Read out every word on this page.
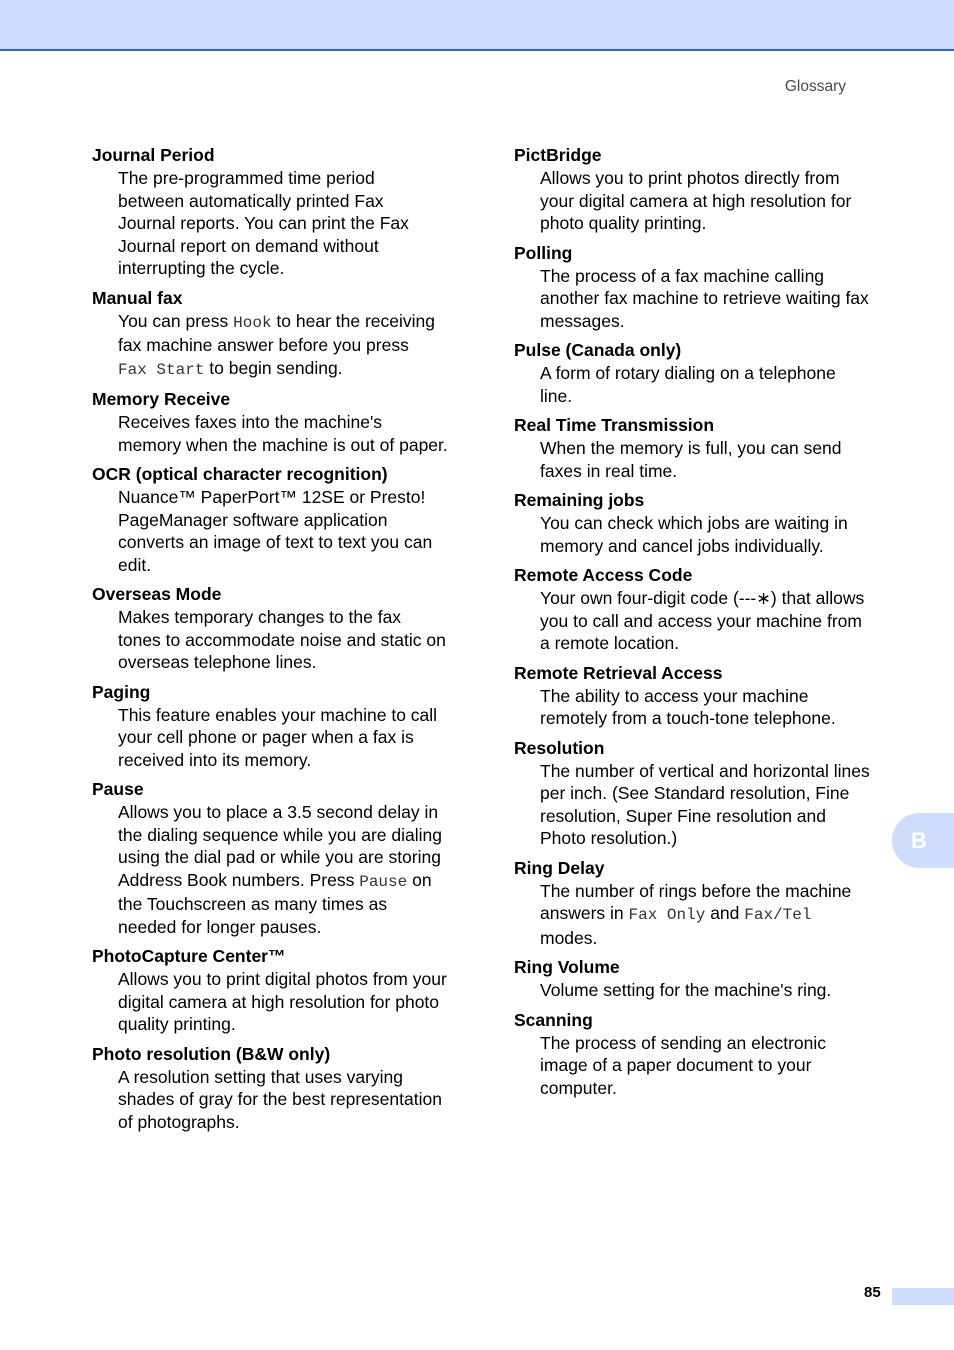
Glossary
Journal Period
The pre-programmed time period
between automatically printed Fax
Journal reports. You can print the Fax
Journal report on demand without
interrupting the cycle.
Manual fax
You can press Hook to hear the receiving
fax machine answer before you press
Fax Start to begin sending.
Memory Receive
Receives faxes into the machine's
memory when the machine is out of paper.
OCR (optical character recognition)
Nuance™ PaperPort™ 12SE or Presto!
PageManager software application
converts an image of text to text you can
edit.
Overseas Mode
Makes temporary changes to the fax
tones to accommodate noise and static on
overseas telephone lines.
Paging
This feature enables your machine to call
your cell phone or pager when a fax is
received into its memory.
Pause
Allows you to place a 3.5 second delay in
the dialing sequence while you are dialing
using the dial pad or while you are storing
Address Book numbers. Press Pause on
the Touchscreen as many times as
needed for longer pauses.
PhotoCapture Center™
Allows you to print digital photos from your
digital camera at high resolution for photo
quality printing.
Photo resolution (B&W only)
A resolution setting that uses varying
shades of gray for the best representation
of photographs.
PictBridge
Allows you to print photos directly from
your digital camera at high resolution for
photo quality printing.
Polling
The process of a fax machine calling
another fax machine to retrieve waiting fax
messages.
Pulse (Canada only)
A form of rotary dialing on a telephone
line.
Real Time Transmission
When the memory is full, you can send
faxes in real time.
Remaining jobs
You can check which jobs are waiting in
memory and cancel jobs individually.
Remote Access Code
Your own four-digit code (---∗) that allows
you to call and access your machine from
a remote location.
Remote Retrieval Access
The ability to access your machine
remotely from a touch-tone telephone.
Resolution
The number of vertical and horizontal lines
per inch. (See Standard resolution, Fine
resolution, Super Fine resolution and
Photo resolution.)
Ring Delay
The number of rings before the machine
answers in Fax Only and Fax/Tel
modes.
Ring Volume
Volume setting for the machine's ring.
Scanning
The process of sending an electronic
image of a paper document to your
computer.
B
85
